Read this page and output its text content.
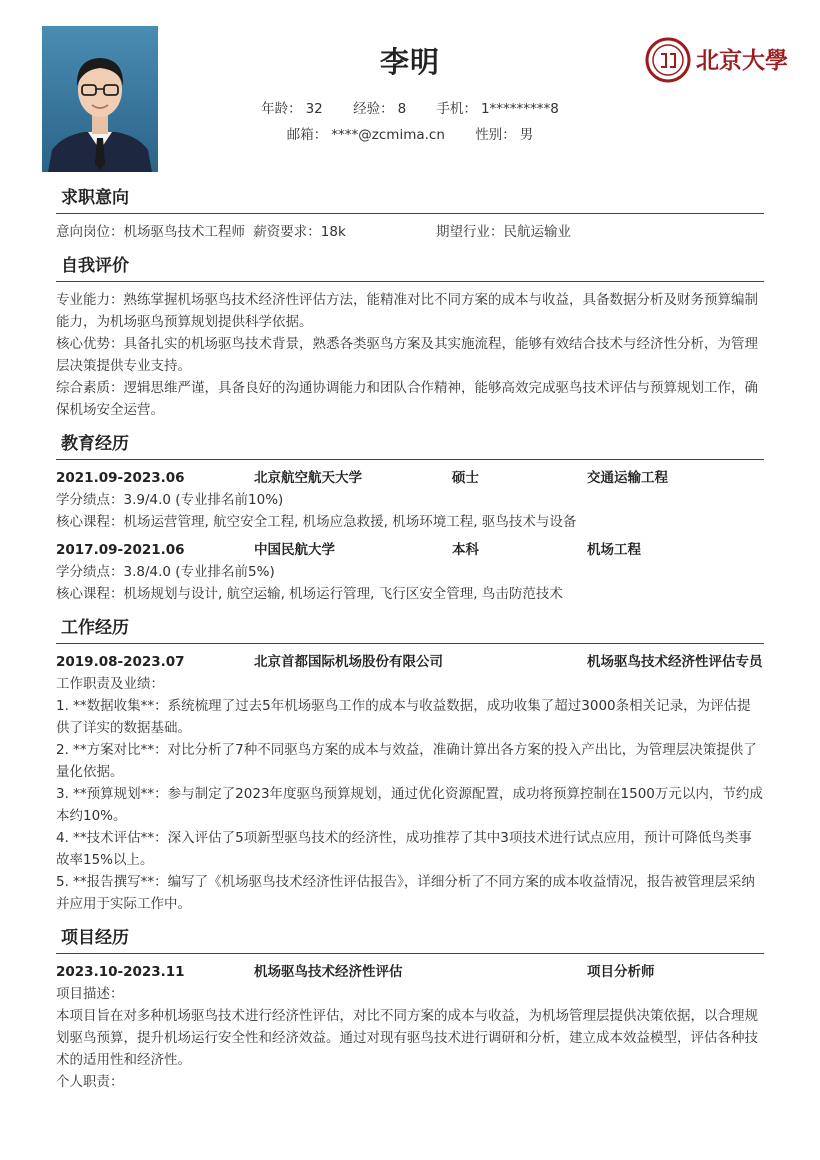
北京大學
李明
年龄： 32 经验： 8 手机： 1*********8
邮箱： ****@zcmima.cn 性别： 男
求职意向
意向岗位：机场驱鸟技术工程师 薪资要求：18k	期望行业：民航运输业
自我评价

专业能力：熟练掌握机场驱鸟技术经济性评估方法，能精准对比不同方案的成本与收益，具备数据分析及财务预算编制能力，为机场驱鸟预算规划提供科学依据。

核心优势：具备扎实的机场驱鸟技术背景，熟悉各类驱鸟方案及其实施流程，能够有效结合技术与经济性分析，为管理层决策提供专业支持。

综合素质：逻辑思维严谨，具备良好的沟通协调能力和团队合作精神，能够高效完成驱鸟技术评估与预算规划工作，确保机场安全运营。

教育经历
2021.09-2023.06	北京航空航天大学	硕士	交通运输工程
学分绩点：3.9/4.0 (专业排名前10%)
核心课程：机场运营管理, 航空安全工程, 机场应急救援, 机场环境工程, 驱鸟技术与设备
2017.09-2021.06	中国民航大学	本科	机场工程
学分绩点：3.8/4.0 (专业排名前5%)
核心课程：机场规划与设计, 航空运输, 机场运行管理, 飞行区安全管理, 鸟击防范技术
工作经历
2019.08-2023.07	北京首都国际机场股份有限公司	机场驱鸟技术经济性评估专员
工作职责及业绩：

1. **数据收集**：系统梳理了过去5年机场驱鸟工作的成本与收益数据，成功收集了超过3000条相关记录，为评估提供了详实的数据基础。

2. **方案对比**：对比分析了7种不同驱鸟方案的成本与效益，准确计算出各方案的投入产出比，为管理层决策提供了量化依据。

3. **预算规划**：参与制定了2023年度驱鸟预算规划，通过优化资源配置，成功将预算控制在1500万元以内，节约成本约10%。

4. **技术评估**：深入评估了5项新型驱鸟技术的经济性，成功推荐了其中3项技术进行试点应用，预计可降低鸟类事故率15%以上。

5. **报告撰写**：编写了《机场驱鸟技术经济性评估报告》，详细分析了不同方案的成本收益情况，报告被管理层采纳并应用于实际工作中。

项目经历
2023.10-2023.11	机场驱鸟技术经济性评估	项目分析师
项目描述：

本项目旨在对多种机场驱鸟技术进行经济性评估，对比不同方案的成本与收益，为机场管理层提供决策依据，以合理规划驱鸟预算，提升机场运行安全性和经济效益。通过对现有驱鸟技术进行调研和分析，建立成本效益模型，评估各种技术的适用性和经济性。

个人职责：
